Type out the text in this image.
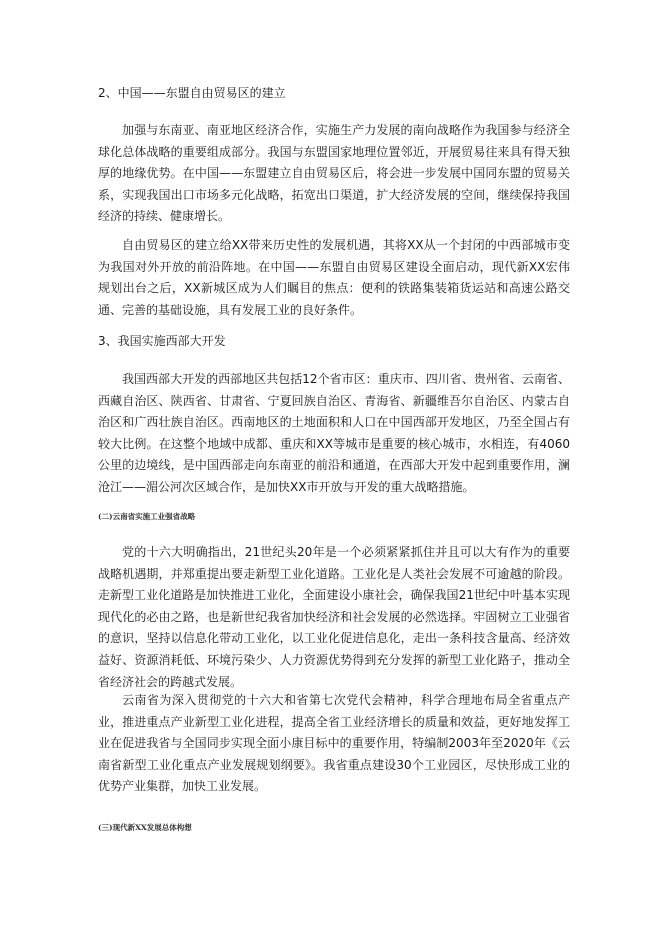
2、中国——东盟自由贸易区的建立

加强与东南亚、南亚地区经济合作，实施生产力发展的南向战略作为我国参与经济全球化总体战略的重要组成部分。我国与东盟国家地理位置邻近，开展贸易往来具有得天独厚的地缘优势。在中国——东盟建立自由贸易区后，将会进一步发展中国同东盟的贸易关系，实现我国出口市场多元化战略，拓宽出口渠道，扩大经济发展的空间，继续保持我国经济的持续、健康增长。

自由贸易区的建立给XX带来历史性的发展机遇，其将XX从一个封闭的中西部城市变为我国对外开放的前沿阵地。在中国——东盟自由贸易区建设全面启动，现代新XX宏伟规划出台之后，XX新城区成为人们瞩目的焦点：便利的铁路集装箱货运站和高速公路交通、完善的基础设施，具有发展工业的良好条件。

3、我国实施西部大开发

我国西部大开发的西部地区共包括12个省市区：重庆市、四川省、贵州省、云南省、西藏自治区、陕西省、甘肃省、宁夏回族自治区、青海省、新疆维吾尔自治区、内蒙古自治区和广西壮族自治区。西南地区的土地面积和人口在中国西部开发地区，乃至全国占有较大比例。在这整个地域中成都、重庆和XX等城市是重要的核心城市，水相连，有4060公里的边境线，是中国西部走向东南亚的前沿和通道，在西部大开发中起到重要作用，澜沧江——湄公河次区域合作，是加快XX市开放与开发的重大战略措施。

(二)云南省实施工业强省战略

党的十六大明确指出，21世纪头20年是一个必须紧紧抓住并且可以大有作为的重要战略机遇期，并郑重提出要走新型工业化道路。工业化是人类社会发展不可逾越的阶段。走新型工业化道路是加快推进工业化，全面建设小康社会，确保我国21世纪中叶基本实现现代化的必由之路，也是新世纪我省加快经济和社会发展的必然选择。牢固树立工业强省的意识，坚持以信息化带动工业化，以工业化促进信息化，走出一条科技含量高、经济效益好、资源消耗低、环境污染少、人力资源优势得到充分发挥的新型工业化路子，推动全省经济社会的跨越式发展。

云南省为深入贯彻党的十六大和省第七次党代会精神，科学合理地布局全省重点产业，推进重点产业新型工业化进程，提高全省工业经济增长的质量和效益，更好地发挥工业在促进我省与全国同步实现全面小康目标中的重要作用，特编制2003年至2020年《云南省新型工业化重点产业发展规划纲要》。我省重点建设30个工业园区，尽快形成工业的优势产业集群，加快工业发展。

(三)现代新XX发展总体构想
